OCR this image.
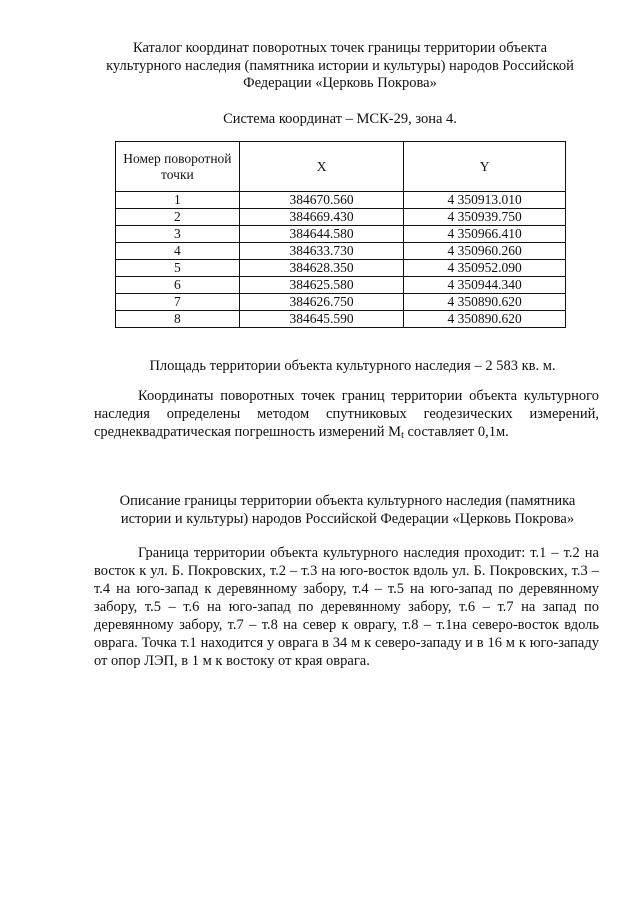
Каталог координат поворотных точек границы территории объекта
культурного наследия (памятника истории и культуры) народов Российской
Федерации «Церковь Покрова»
Система координат – МСК-29, зона 4.
Номер поворотной точки	X	Y
1	384670.560	4 350913.010
2	384669.430	4 350939.750
3	384644.580	4 350966.410
4	384633.730	4 350960.260
5	384628.350	4 350952.090
6	384625.580	4 350944.340
7	384626.750	4 350890.620
8	384645.590	4 350890.620
Площадь территории объекта культурного наследия – 2 583 кв. м.
Координаты поворотных точек границ территории объекта культурного наследия определены методом спутниковых геодезических измерений, среднеквадратическая погрешность измерений $M_t$ составляет 0,1м.
Описание границы территории объекта культурного наследия (памятника
истории и культуры) народов Российской Федерации «Церковь Покрова»
Граница территории объекта культурного наследия проходит: т.1 – т.2 на восток к ул. Б. Покровских, т.2 – т.3 на юго-восток вдоль ул. Б. Покровских, т.3 – т.4 на юго-запад к деревянному забору, т.4 – т.5 на юго-запад по деревянному забору, т.5 – т.6 на юго-запад по деревянному забору, т.6 – т.7 на запад по деревянному забору, т.7 – т.8 на север к оврагу, т.8 – т.1на северо-восток вдоль оврага. Точка т.1 находится у оврага в 34 м к северо-западу и в 16 м к юго-западу от опор ЛЭП, в 1 м к востоку от края оврага.
